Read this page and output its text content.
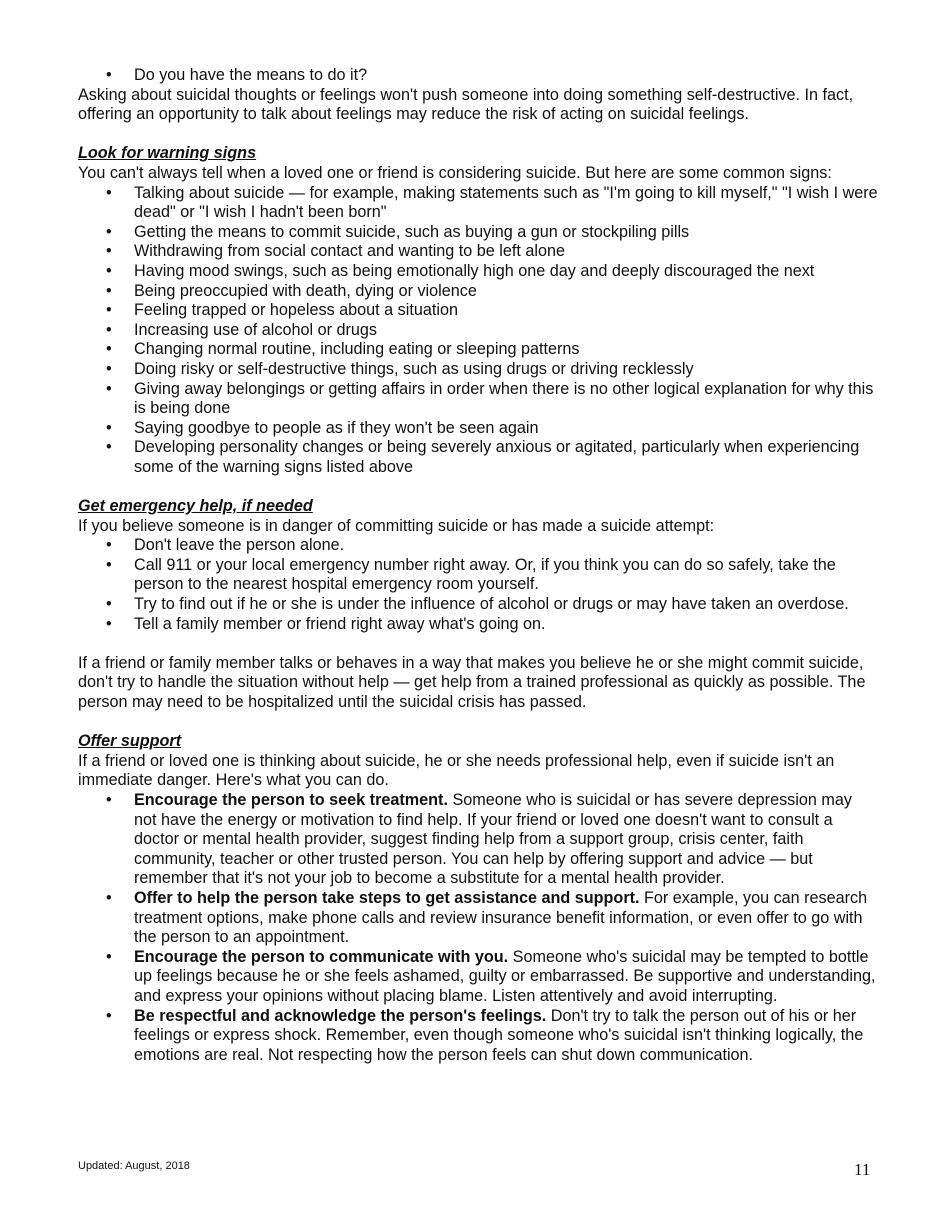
• Do you have the means to do it?

Asking about suicidal thoughts or feelings won't push someone into doing something self-destructive. In fact, offering an opportunity to talk about feelings may reduce the risk of acting on suicidal feelings.

Look for warning signs

You can't always tell when a loved one or friend is considering suicide. But here are some common signs:

• Talking about suicide — for example, making statements such as "I'm going to kill myself," "I wish I were dead" or "I wish I hadn't been born"
• Getting the means to commit suicide, such as buying a gun or stockpiling pills
• Withdrawing from social contact and wanting to be left alone
• Having mood swings, such as being emotionally high one day and deeply discouraged the next
• Being preoccupied with death, dying or violence
• Feeling trapped or hopeless about a situation
• Increasing use of alcohol or drugs
• Changing normal routine, including eating or sleeping patterns
• Doing risky or self-destructive things, such as using drugs or driving recklessly
• Giving away belongings or getting affairs in order when there is no other logical explanation for why this is being done
• Saying goodbye to people as if they won't be seen again
• Developing personality changes or being severely anxious or agitated, particularly when experiencing some of the warning signs listed above

Get emergency help, if needed

If you believe someone is in danger of committing suicide or has made a suicide attempt:

• Don't leave the person alone.
• Call 911 or your local emergency number right away. Or, if you think you can do so safely, take the person to the nearest hospital emergency room yourself.
• Try to find out if he or she is under the influence of alcohol or drugs or may have taken an overdose.
• Tell a family member or friend right away what's going on.

If a friend or family member talks or behaves in a way that makes you believe he or she might commit suicide, don't try to handle the situation without help — get help from a trained professional as quickly as possible. The person may need to be hospitalized until the suicidal crisis has passed.

Offer support

If a friend or loved one is thinking about suicide, he or she needs professional help, even if suicide isn't an immediate danger. Here's what you can do.

• Encourage the person to seek treatment. Someone who is suicidal or has severe depression may not have the energy or motivation to find help. If your friend or loved one doesn't want to consult a doctor or mental health provider, suggest finding help from a support group, crisis center, faith community, teacher or other trusted person. You can help by offering support and advice — but remember that it's not your job to become a substitute for a mental health provider.
• Offer to help the person take steps to get assistance and support. For example, you can research treatment options, make phone calls and review insurance benefit information, or even offer to go with the person to an appointment.
• Encourage the person to communicate with you. Someone who's suicidal may be tempted to bottle up feelings because he or she feels ashamed, guilty or embarrassed. Be supportive and understanding, and express your opinions without placing blame. Listen attentively and avoid interrupting.
• Be respectful and acknowledge the person's feelings. Don't try to talk the person out of his or her feelings or express shock. Remember, even though someone who's suicidal isn't thinking logically, the emotions are real. Not respecting how the person feels can shut down communication.
Updated: August, 2018	11
